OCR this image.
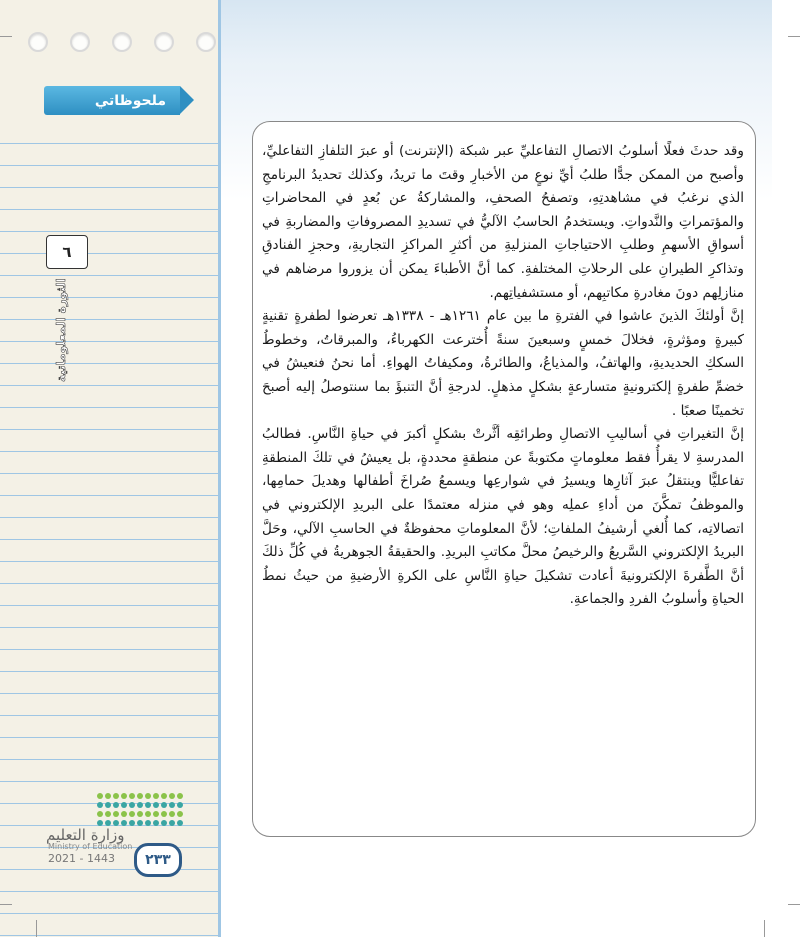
ملحوظاتي
٦
الثورة المعلوماتية
وزارة التعليم
Ministry of Education
2021 - 1443	٢٣٣

وقد حدثَ فعلًا أسلوبُ الاتصالِ التفاعليِّ عبر شبكة (الإنترنت) أو عبرَ التلفازِ التفاعليِّ، وأصبح من الممكن جدًّا طلبُ أيِّ نوعٍ من الأخبارِ وقتَ ما تريدُ، وكذلك تحديدُ البرنامجِ الذي نرغبُ في مشاهدتِهِ، وتصفحُ الصحفِ، والمشاركةُ عن بُعدٍ في المحاضراتِ والمؤتمراتِ والنَّدواتِ. ويستخدمُ الحاسبُ الآليُّ في تسديدِ المصروفاتِ والمضاربةِ في أسواقِ الأسهمِ وطلبِ الاحتياجاتِ المنزليةِ من أكثرِ المراكزِ التجاريةِ، وحجزِ الفنادقِ وتذاكرِ الطيرانِ على الرحلاتِ المختلفةِ. كما أنَّ الأطباءَ يمكن أن يزوروا مرضاهم في منازلِهم دونَ مغادرةِ مكاتبِهم، أو مستشفياتِهم.

إنَّ أولئكَ الذينَ عاشوا في الفترةِ ما بين عام ١٢٦١هـ - ١٣٣٨هـ تعرضوا لطفرةٍ تقنيةٍ كبيرةٍ ومؤثرةٍ، فخلالَ خمسٍ وسبعينَ سنةً أُخترعت الكهرباءُ، والمبرقاتُ، وخطوطُ السككِ الحديديةِ، والهاتفُ، والمذياعُ، والطائرةُ، ومكيفاتُ الهواءِ. أما نحنُ فنعيشُ في خضمِّ طفرةٍ إلكترونيةٍ متسارعةٍ بشكلٍ مذهلٍ. لدرجةِ أنَّ التنبؤَ بما سنتوصلُ إليه أصبحَ تخمينًا صعبًا .

إنَّ التغيراتِ في أساليبِ الاتصالِ وطرائقِه أثَّرتْ بشكلٍ أكبرَ في حياةِ النَّاسِ. فطالبُ المدرسةِ لا يقرأُ فقط معلوماتٍ مكتوبةً عن منطقةٍ محددةٍ، بل يعيشُ في تلكَ المنطقةِ تفاعليًّا وينتقلُ عبرَ آثارِها ويسيرُ في شوارعِها ويسمعُ صُراخَ أطفالها وهديلَ حمامِها، والموظفُ تمكَّنَ من أداءِ عملِه وهو في منزله معتمدًا على البريدِ الإلكتروني في اتصالاتِه، كما أُلغي أرشيفُ الملفاتِ؛ لأنَّ المعلوماتِ محفوظةٌ في الحاسبِ الآلي، وحَلَّ البريدُ الإلكتروني السَّريعُ والرخيصُ محلَّ مكاتبِ البريدِ. والحقيقةُ الجوهريةُ في كُلِّ ذلكَ أنَّ الطَّفرةَ الإلكترونيةَ أعادت تشكيلَ حياةِ النَّاسِ على الكرةِ الأرضيةِ من حيثُ نمطُ الحياةِ وأسلوبُ الفردِ والجماعةِ.
